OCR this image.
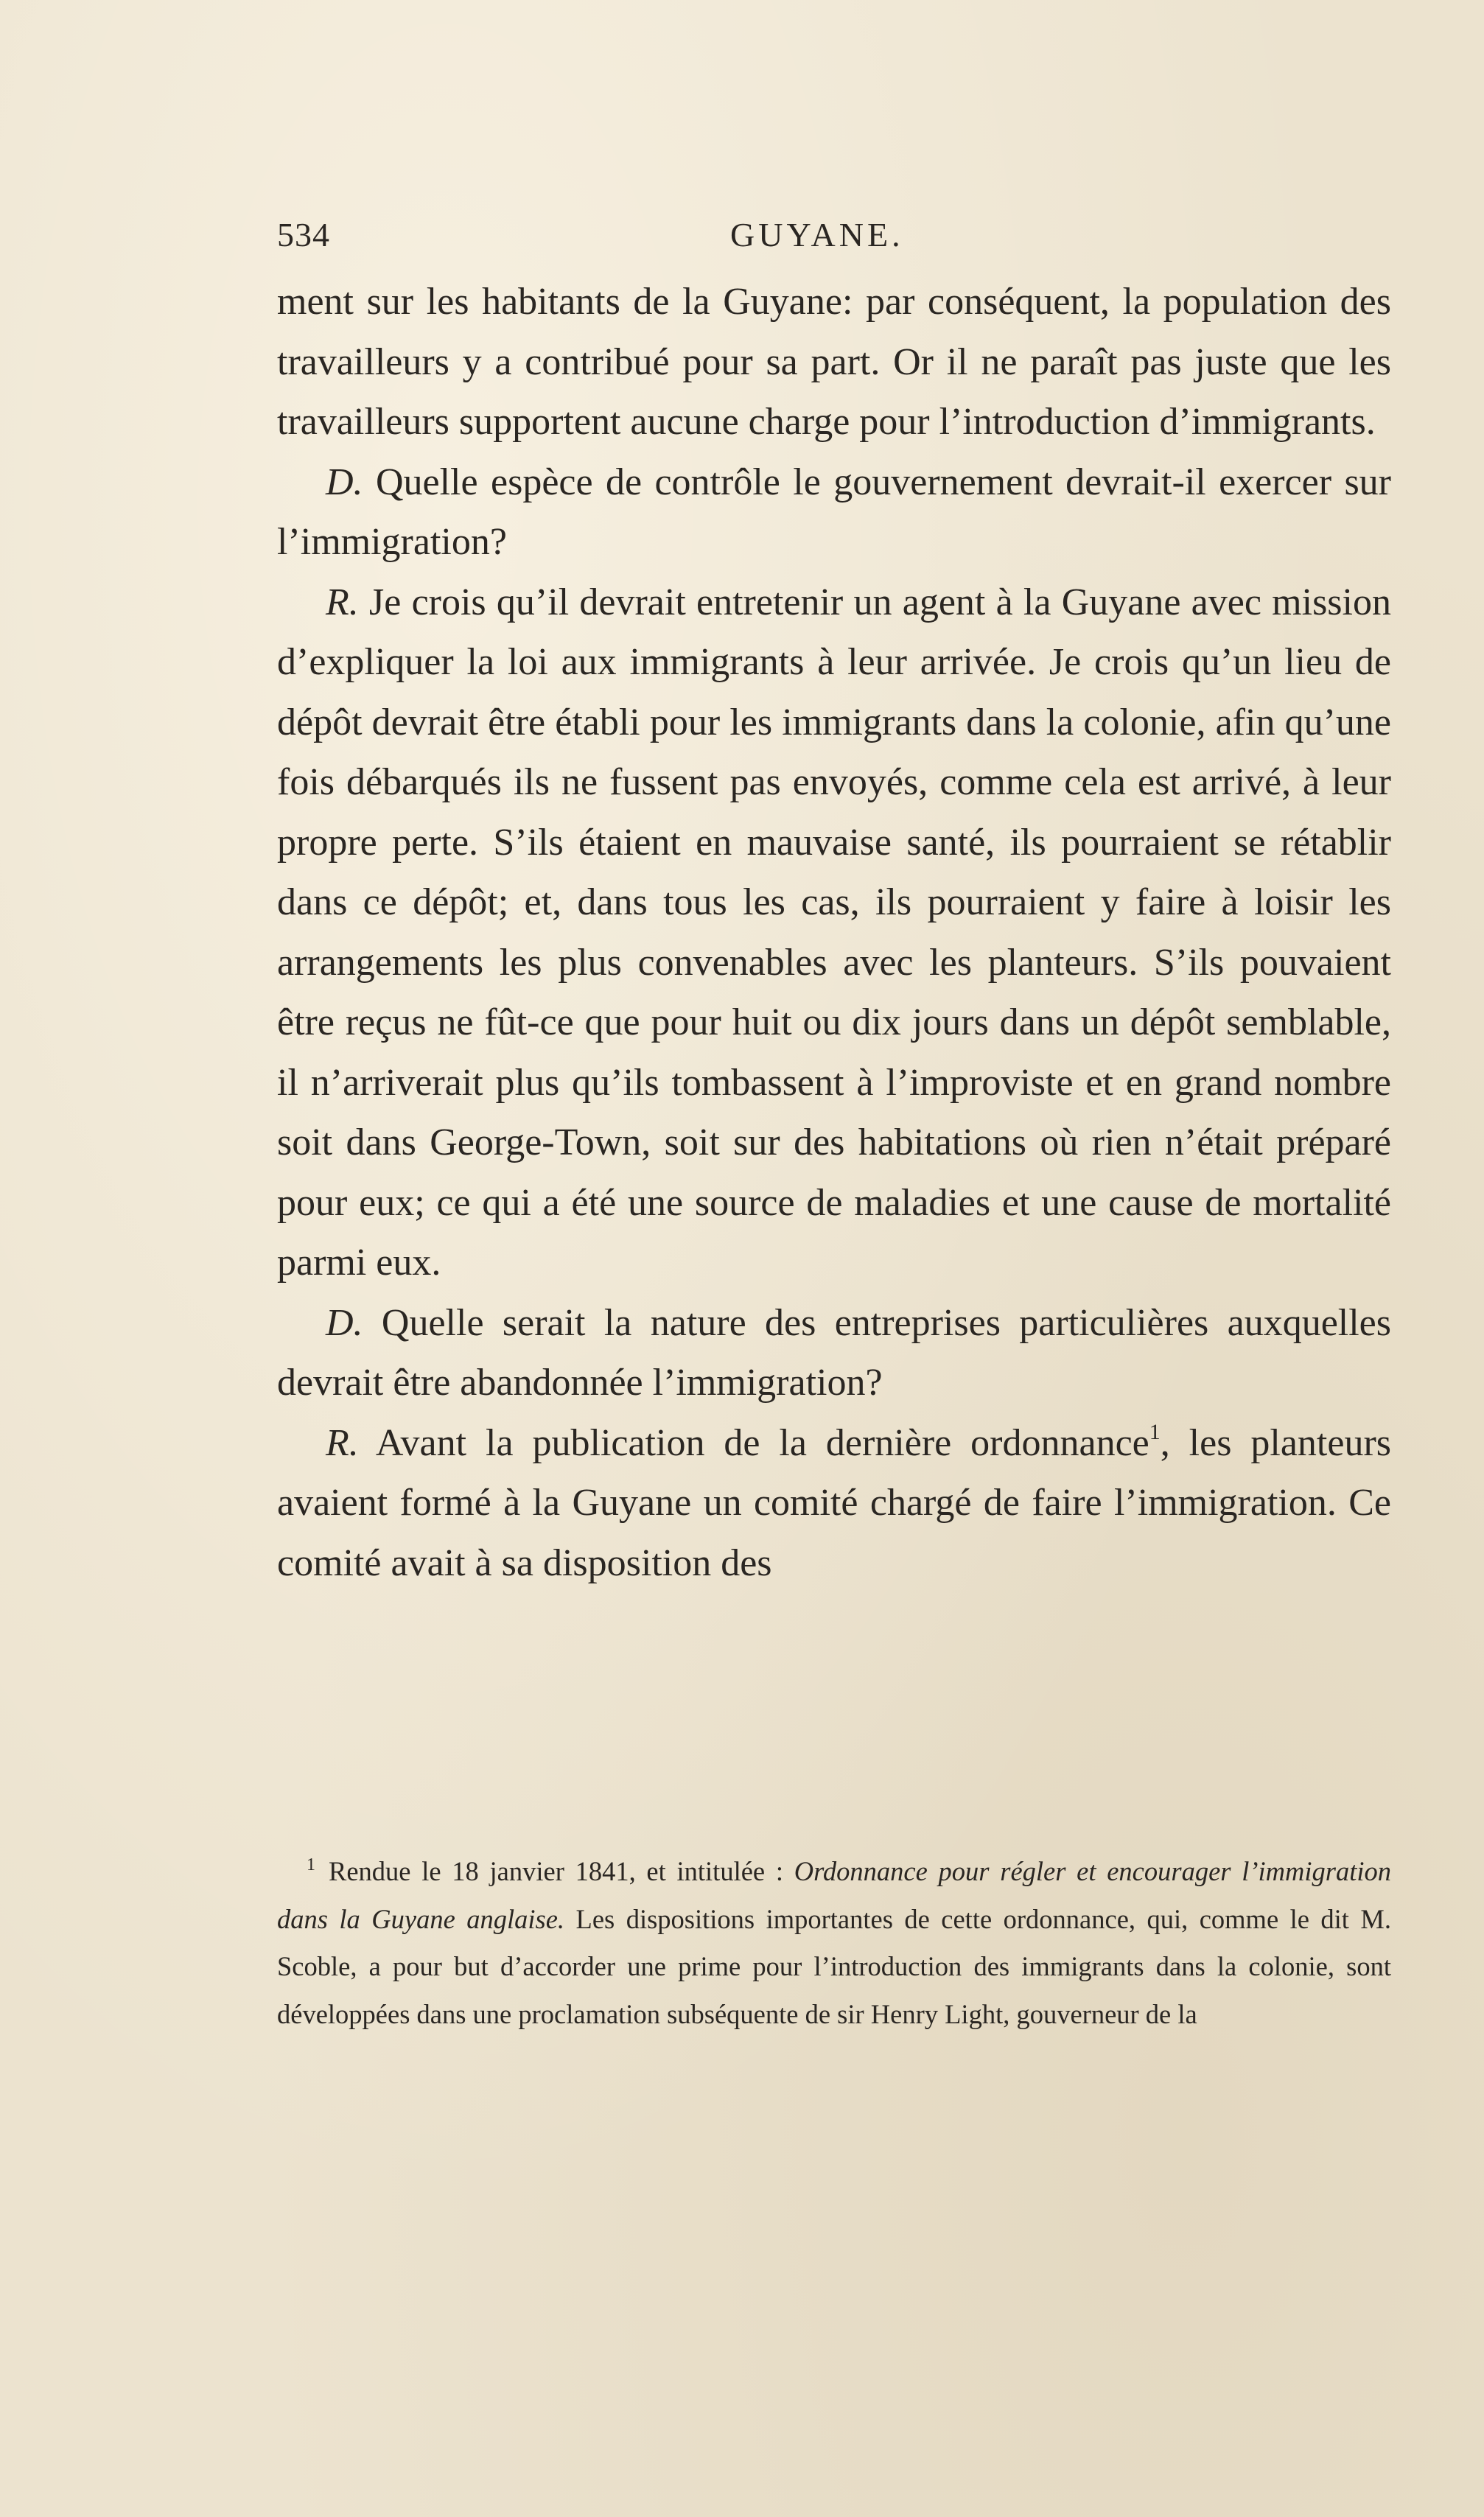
534	GUYANE.

ment sur les habitants de la Guyane: par conséquent, la population des travailleurs y a contribué pour sa part. Or il ne paraît pas juste que les travailleurs supportent aucune charge pour l’introduction d’immigrants.

D. Quelle espèce de contrôle le gouvernement devrait-il exercer sur l’immigration?

R. Je crois qu’il devrait entretenir un agent à la Guyane avec mission d’expliquer la loi aux immigrants à leur arrivée. Je crois qu’un lieu de dépôt devrait être établi pour les immigrants dans la colonie, afin qu’une fois débarqués ils ne fussent pas envoyés, comme cela est arrivé, à leur propre perte. S’ils étaient en mauvaise santé, ils pourraient se rétablir dans ce dépôt; et, dans tous les cas, ils pourraient y faire à loisir les arrangements les plus convenables avec les planteurs. S’ils pouvaient être reçus ne fût-ce que pour huit ou dix jours dans un dépôt semblable, il n’arriverait plus qu’ils tombassent à l’improviste et en grand nombre soit dans George-Town, soit sur des habitations où rien n’était préparé pour eux; ce qui a été une source de maladies et une cause de mortalité parmi eux.

D. Quelle serait la nature des entreprises particulières auxquelles devrait être abandonnée l’immigration?

R. Avant la publication de la dernière ordonnance$^1$, les planteurs avaient formé à la Guyane un comité chargé de faire l’immigration. Ce comité avait à sa disposition des

$^1$ Rendue le 18 janvier 1841, et intitulée : Ordonnance pour régler et encourager l’immigration dans la Guyane anglaise. Les dispositions importantes de cette ordonnance, qui, comme le dit M. Scoble, a pour but d’accorder une prime pour l’introduction des immigrants dans la colonie, sont développées dans une proclamation subséquente de sir Henry Light, gouverneur de la
